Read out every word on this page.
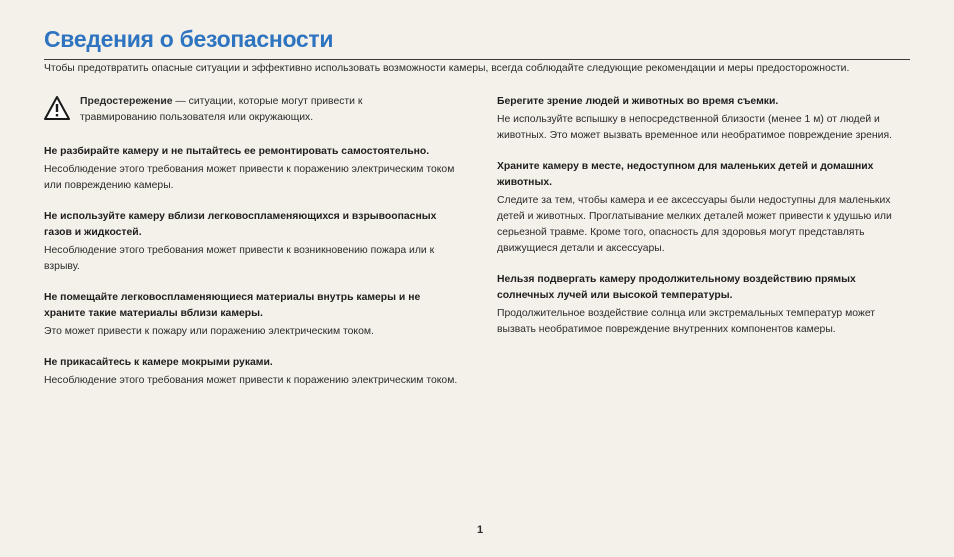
Сведения о безопасности
Чтобы предотвратить опасные ситуации и эффективно использовать возможности камеры, всегда соблюдайте следующие рекомендации и меры предосторожности.
Предостережение — ситуации, которые могут привести к травмированию пользователя или окружающих.
Не разбирайте камеру и не пытайтесь ее ремонтировать самостоятельно.

Несоблюдение этого требования может привести к поражению электрическим током или повреждению камеры.

Не используйте камеру вблизи легковоспламеняющихся и взрывоопасных газов и жидкостей.

Несоблюдение этого требования может привести к возникновению пожара или к взрыву.

Не помещайте легковоспламеняющиеся материалы внутрь камеры и не храните такие материалы вблизи камеры.

Это может привести к пожару или поражению электрическим током.

Не прикасайтесь к камере мокрыми руками.

Несоблюдение этого требования может привести к поражению электрическим током.

Берегите зрение людей и животных во время съемки.

Не используйте вспышку в непосредственной близости (менее 1 м) от людей и животных. Это может вызвать временное или необратимое повреждение зрения.

Храните камеру в месте, недоступном для маленьких детей и домашних животных.

Следите за тем, чтобы камера и ее аксессуары были недоступны для маленьких детей и животных. Проглатывание мелких деталей может привести к удушью или серьезной травме. Кроме того, опасность для здоровья могут представлять движущиеся детали и аксессуары.

Нельзя подвергать камеру продолжительному воздействию прямых солнечных лучей или высокой температуры.

Продолжительное воздействие солнца или экстремальных температур может вызвать необратимое повреждение внутренних компонентов камеры.

1
